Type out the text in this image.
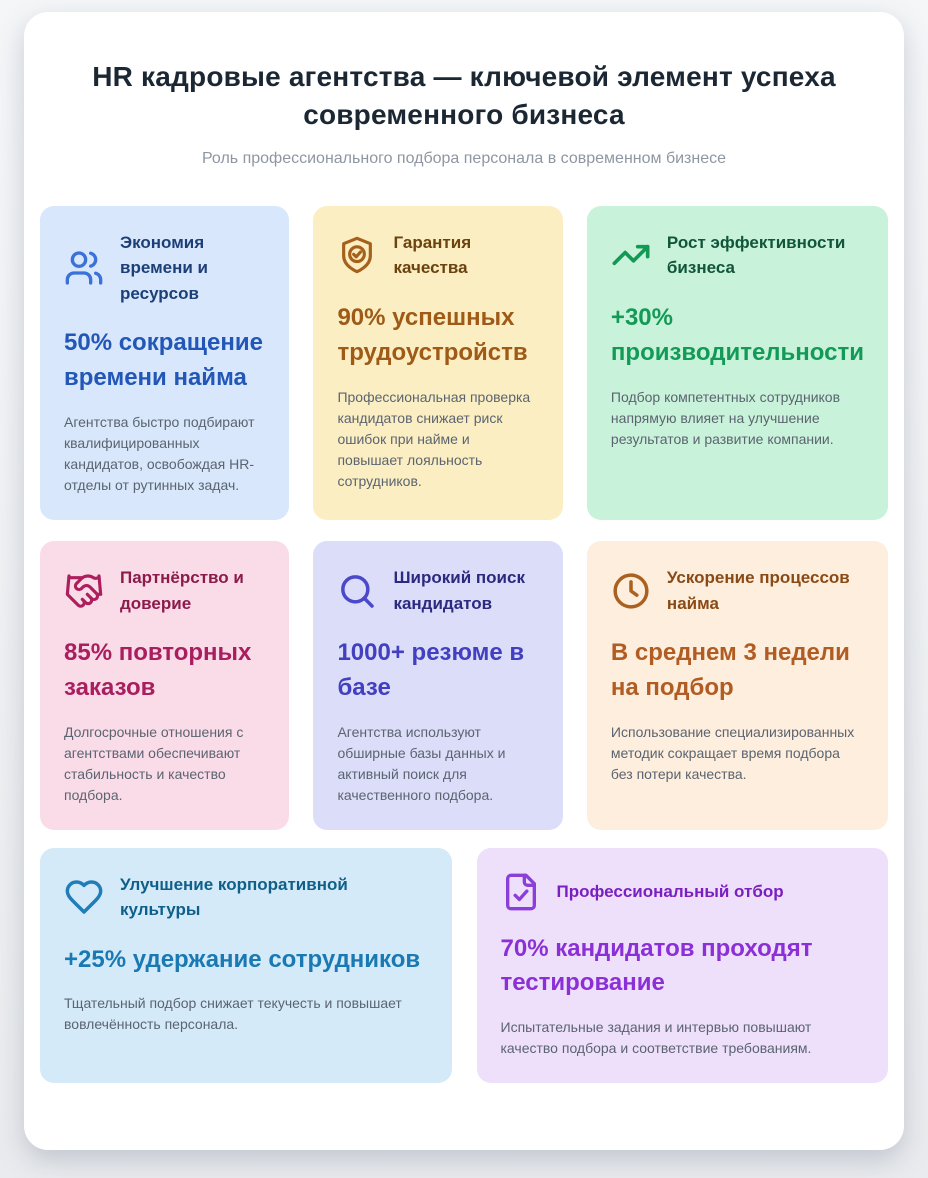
HR кадровые агентства — ключевой элемент успеха современного бизнеса
Роль профессионального подбора персонала в современном бизнесе
Экономия времени и ресурсов
50% сокращение времени найма
Агентства быстро подбирают квалифицированных кандидатов, освобождая HR-отделы от рутинных задач.
Гарантия качества
90% успешных трудоустройств
Профессиональная проверка кандидатов снижает риск ошибок при найме и повышает лояльность сотрудников.
Рост эффективности бизнеса
+30% производительности
Подбор компетентных сотрудников напрямую влияет на улучшение результатов и развитие компании.
Партнёрство и доверие
85% повторных заказов
Долгосрочные отношения с агентствами обеспечивают стабильность и качество подбора.
Широкий поиск кандидатов
1000+ резюме в базе
Агентства используют обширные базы данных и активный поиск для качественного подбора.
Ускорение процессов найма
В среднем 3 недели на подбор
Использование специализированных методик сокращает время подбора без потери качества.
Улучшение корпоративной культуры
+25% удержание сотрудников
Тщательный подбор снижает текучесть и повышает вовлечённость персонала.
Профессиональный отбор
70% кандидатов проходят тестирование
Испытательные задания и интервью повышают качество подбора и соответствие требованиям.
